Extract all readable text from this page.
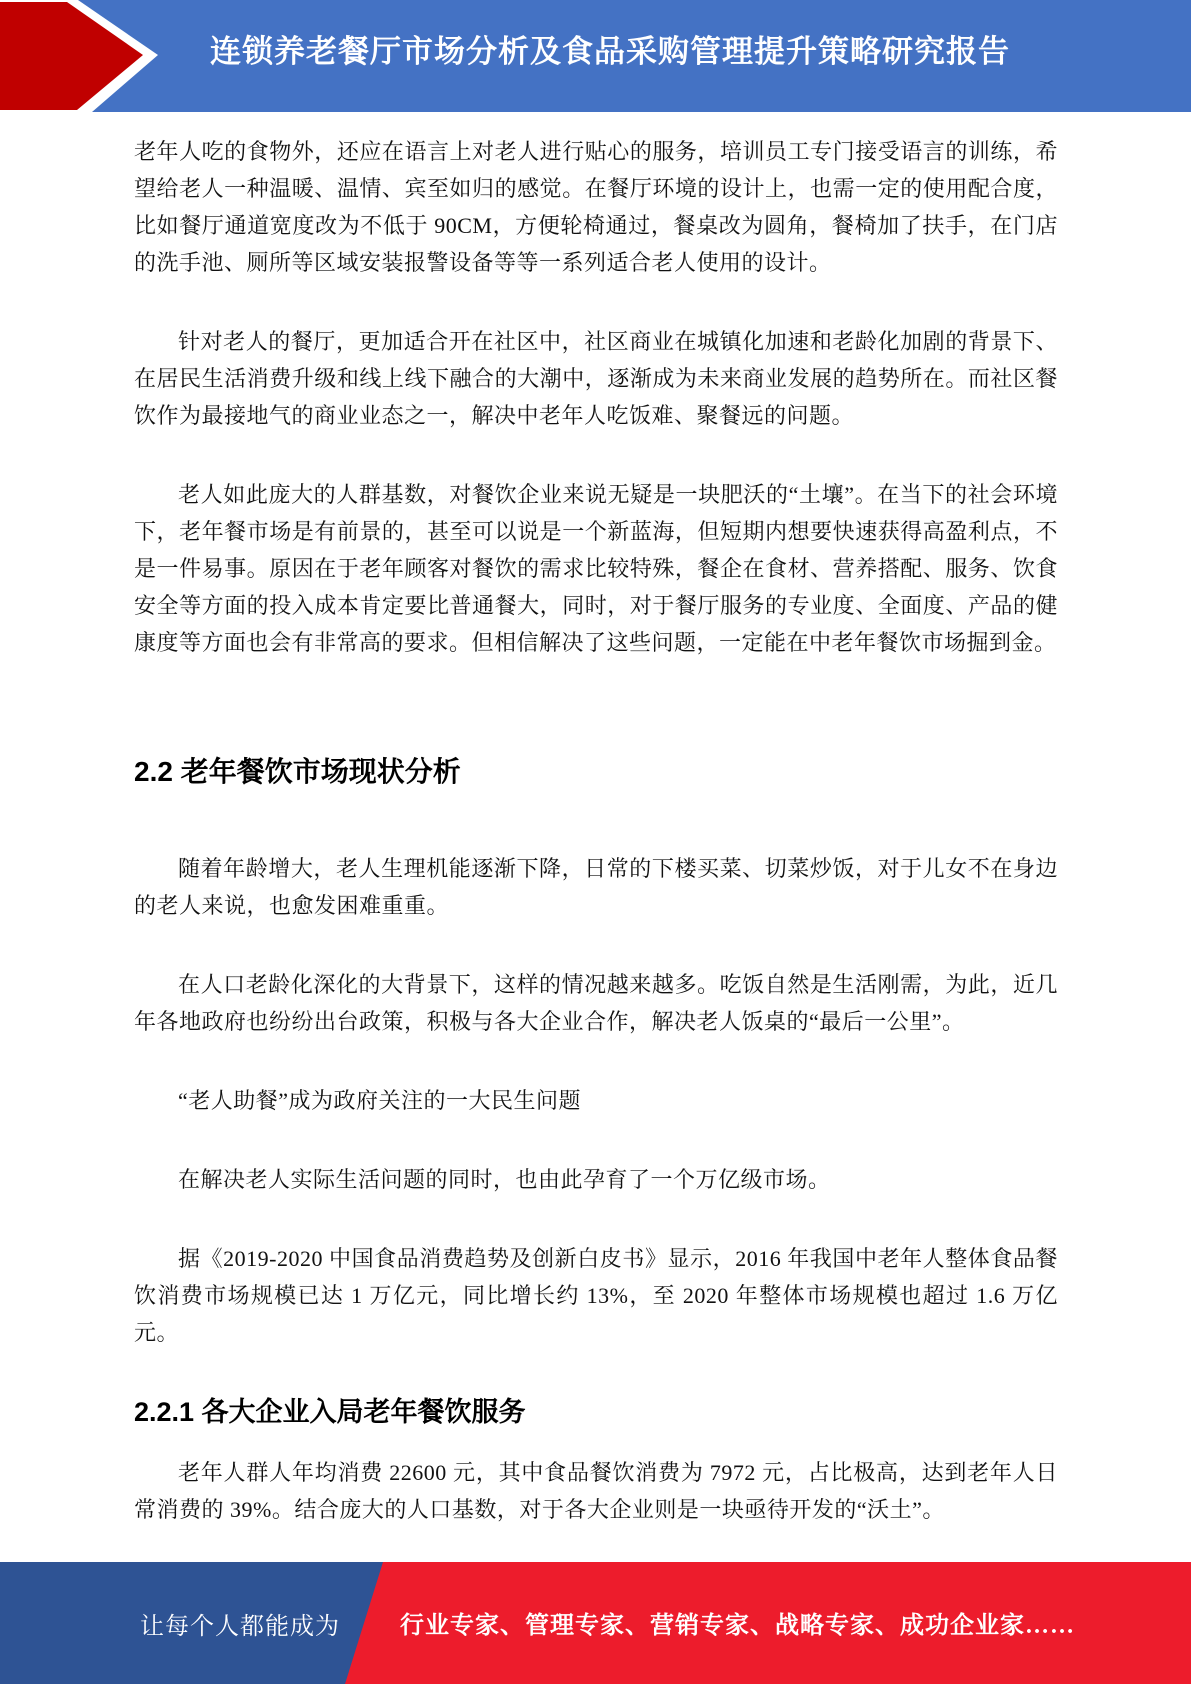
连锁养老餐厅市场分析及食品采购管理提升策略研究报告

老年人吃的食物外，还应在语言上对老人进行贴心的服务，培训员工专门接受语言的训练，希望给老人一种温暖、温情、宾至如归的感觉。在餐厅环境的设计上，也需一定的使用配合度，比如餐厅通道宽度改为不低于 90CM，方便轮椅通过，餐桌改为圆角，餐椅加了扶手，在门店的洗手池、厕所等区域安装报警设备等等一系列适合老人使用的设计。

针对老人的餐厅，更加适合开在社区中，社区商业在城镇化加速和老龄化加剧的背景下、在居民生活消费升级和线上线下融合的大潮中，逐渐成为未来商业发展的趋势所在。而社区餐饮作为最接地气的商业业态之一，解决中老年人吃饭难、聚餐远的问题。

老人如此庞大的人群基数，对餐饮企业来说无疑是一块肥沃的“土壤”。在当下的社会环境下，老年餐市场是有前景的，甚至可以说是一个新蓝海，但短期内想要快速获得高盈利点，不是一件易事。原因在于老年顾客对餐饮的需求比较特殊，餐企在食材、营养搭配、服务、饮食安全等方面的投入成本肯定要比普通餐大，同时，对于餐厅服务的专业度、全面度、产品的健康度等方面也会有非常高的要求。但相信解决了这些问题，一定能在中老年餐饮市场掘到金。

2.2 老年餐饮市场现状分析

随着年龄增大，老人生理机能逐渐下降，日常的下楼买菜、切菜炒饭，对于儿女不在身边的老人来说，也愈发困难重重。

在人口老龄化深化的大背景下，这样的情况越来越多。吃饭自然是生活刚需，为此，近几年各地政府也纷纷出台政策，积极与各大企业合作，解决老人饭桌的“最后一公里”。

“老人助餐”成为政府关注的一大民生问题

在解决老人实际生活问题的同时，也由此孕育了一个万亿级市场。

据《2019-2020 中国食品消费趋势及创新白皮书》显示，2016 年我国中老年人整体食品餐饮消费市场规模已达 1 万亿元，同比增长约 13%，至 2020 年整体市场规模也超过 1.6 万亿元。

2.2.1 各大企业入局老年餐饮服务

老年人群人年均消费 22600 元，其中食品餐饮消费为 7972 元，占比极高，达到老年人日常消费的 39%。结合庞大的人口基数，对于各大企业则是一块亟待开发的“沃土”。

让每个人都能成为	行业专家、管理专家、营销专家、战略专家、成功企业家……
